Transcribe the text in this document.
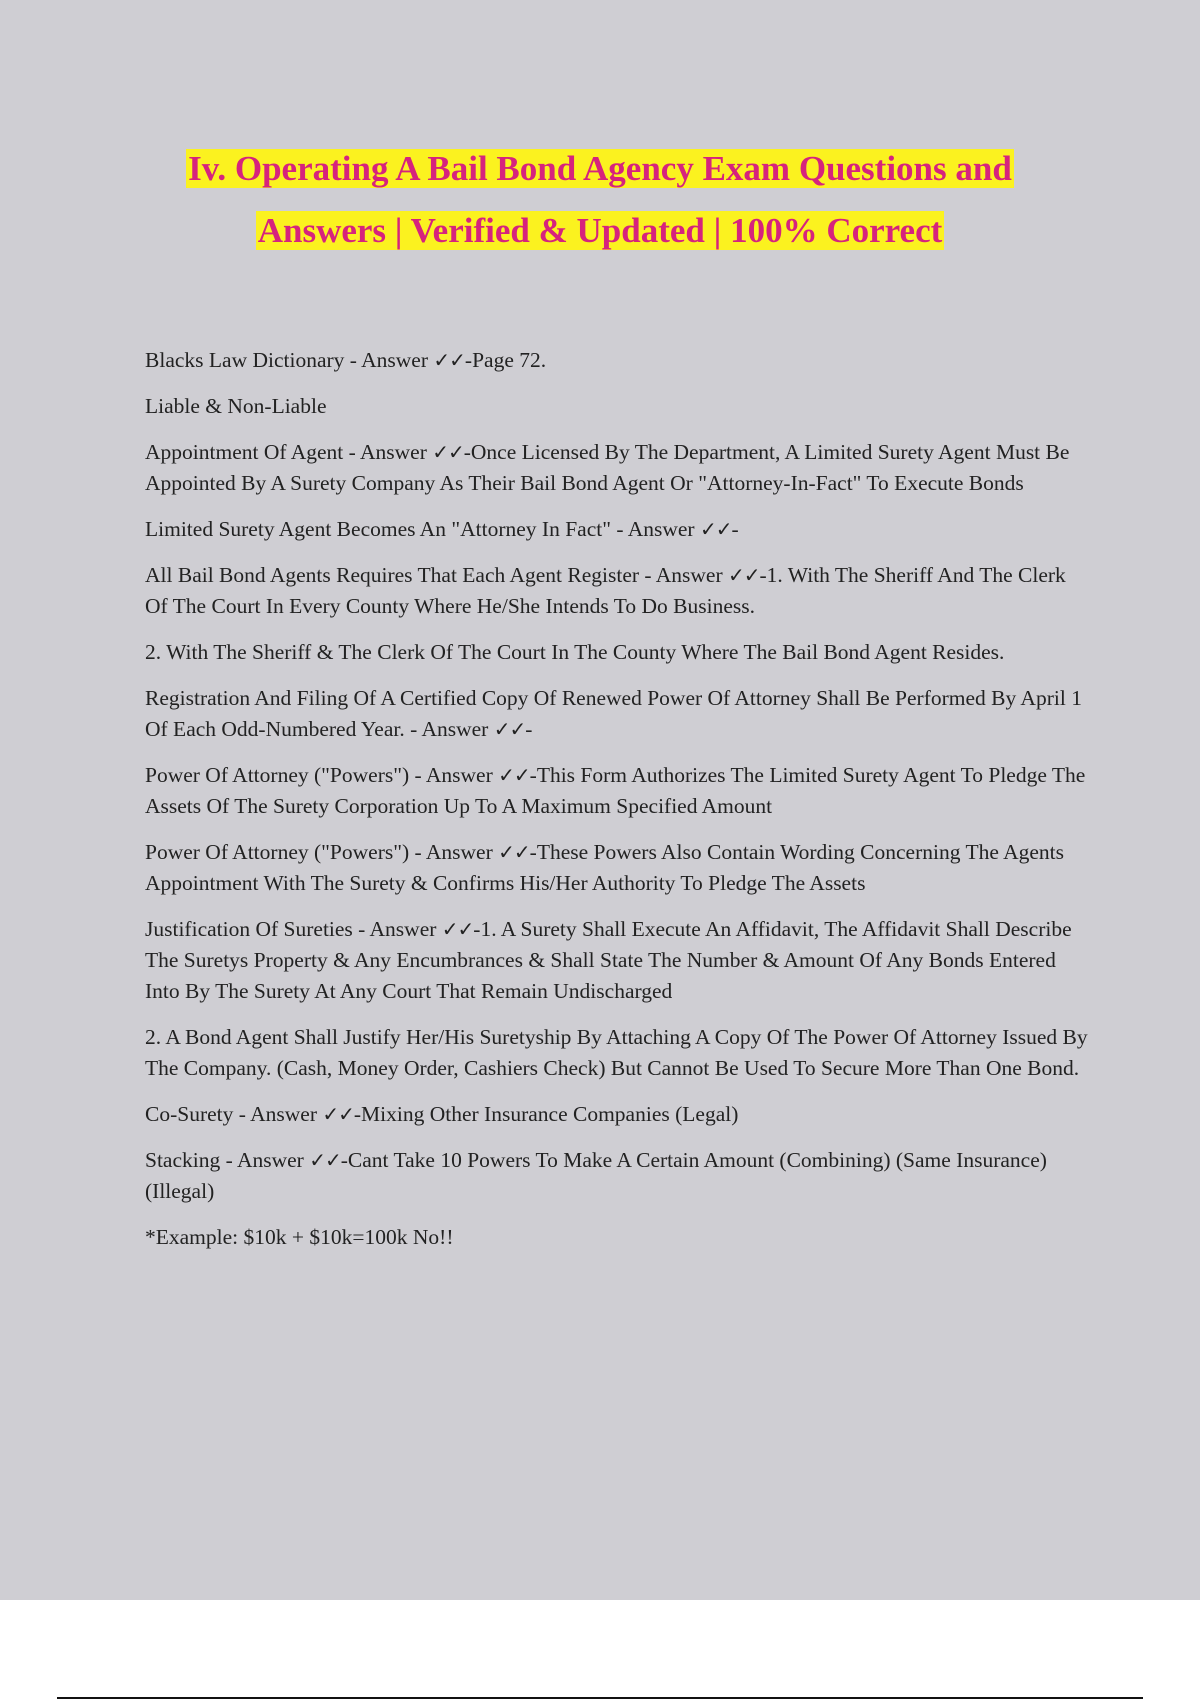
Iv. Operating A Bail Bond Agency Exam Questions and
Answers | Verified & Updated | 100% Correct

Blacks Law Dictionary - Answer ✓✓-Page 72.

Liable & Non-Liable

Appointment Of Agent - Answer ✓✓-Once Licensed By The Department, A Limited Surety Agent Must Be Appointed By A Surety Company As Their Bail Bond Agent Or "Attorney-In-Fact" To Execute Bonds

Limited Surety Agent Becomes An "Attorney In Fact" - Answer ✓✓-

All Bail Bond Agents Requires That Each Agent Register - Answer ✓✓-1. With The Sheriff And The Clerk Of The Court In Every County Where He/She Intends To Do Business.

2. With The Sheriff & The Clerk Of The Court In The County Where The Bail Bond Agent Resides.

Registration And Filing Of A Certified Copy Of Renewed Power Of Attorney Shall Be Performed By April 1 Of Each Odd-Numbered Year. - Answer ✓✓-

Power Of Attorney ("Powers") - Answer ✓✓-This Form Authorizes The Limited Surety Agent To Pledge The Assets Of The Surety Corporation Up To A Maximum Specified Amount

Power Of Attorney ("Powers") - Answer ✓✓-These Powers Also Contain Wording Concerning The Agents Appointment With The Surety & Confirms His/Her Authority To Pledge The Assets

Justification Of Sureties - Answer ✓✓-1. A Surety Shall Execute An Affidavit, The Affidavit Shall Describe The Suretys Property & Any Encumbrances & Shall State The Number & Amount Of Any Bonds Entered Into By The Surety At Any Court That Remain Undischarged

2. A Bond Agent Shall Justify Her/His Suretyship By Attaching A Copy Of The Power Of Attorney Issued By The Company. (Cash, Money Order, Cashiers Check) But Cannot Be Used To Secure More Than One Bond.

Co-Surety - Answer ✓✓-Mixing Other Insurance Companies (Legal)

Stacking - Answer ✓✓-Cant Take 10 Powers To Make A Certain Amount (Combining) (Same Insurance) (Illegal)

*Example: $10k + $10k=100k No!!
